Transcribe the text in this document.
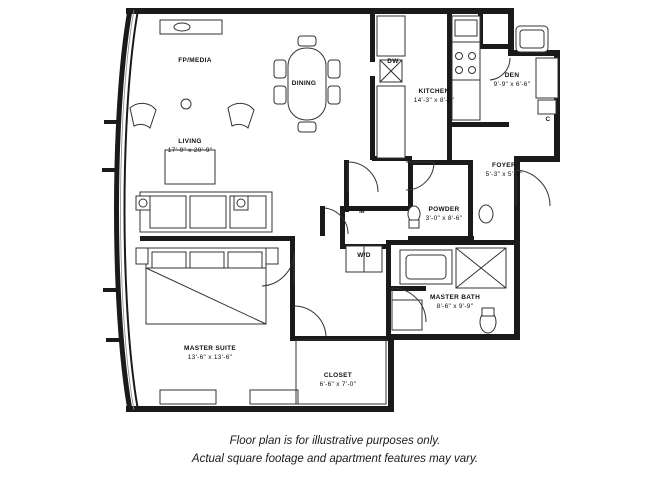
FP/MEDIA
DINING
DW
KITCHEN
14'-3" x 8'-6"
DEN
9'-9" x 6'-6"
LIVING
17'-9" x 20'-9"
FOYER
5'-3" x 5'-6"
M	POWDER
3'-0" x 8'-6"
W/D
MASTER BATH
8'-6" x 9'-9"
MASTER SUITE
13'-6" x 13'-6"
CLOSET
6'-6" x 7'-0"
C
Floor plan is for illustrative purposes only.
Actual square footage and apartment features may vary.
